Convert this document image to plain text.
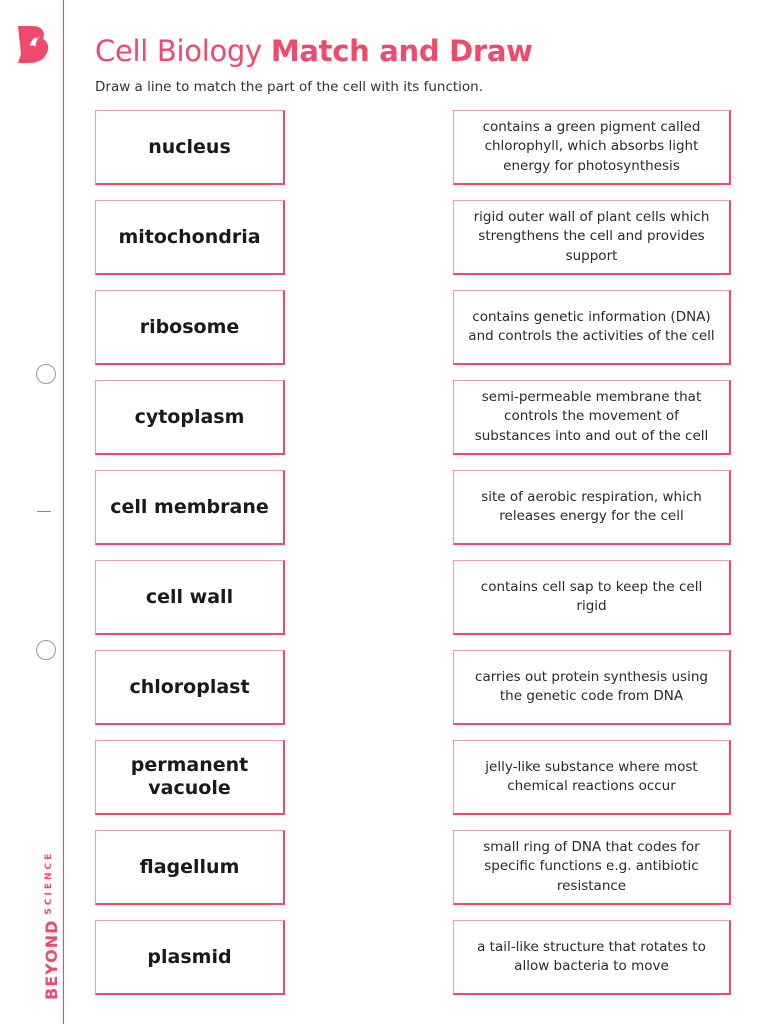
$BEYOND^{SCIENCE}$
Cell Biology Match and Draw

Draw a line to match the part of the cell with its function.

nucleus
mitochondria
ribosome
cytoplasm
cell membrane
cell wall
chloroplast
permanent vacuole
flagellum
plasmid
contains a green pigment called chlorophyll, which absorbs light energy for photosynthesis
rigid outer wall of plant cells which strengthens the cell and provides support
contains genetic information (DNA) and controls the activities of the cell
semi-permeable membrane that controls the movement of substances into and out of the cell
site of aerobic respiration, which releases energy for the cell
contains cell sap to keep the cell rigid
carries out protein synthesis using the genetic code from DNA
jelly-like substance where most chemical reactions occur
small ring of DNA that codes for specific functions e.g. antibiotic resistance
a tail-like structure that rotates to allow bacteria to move
